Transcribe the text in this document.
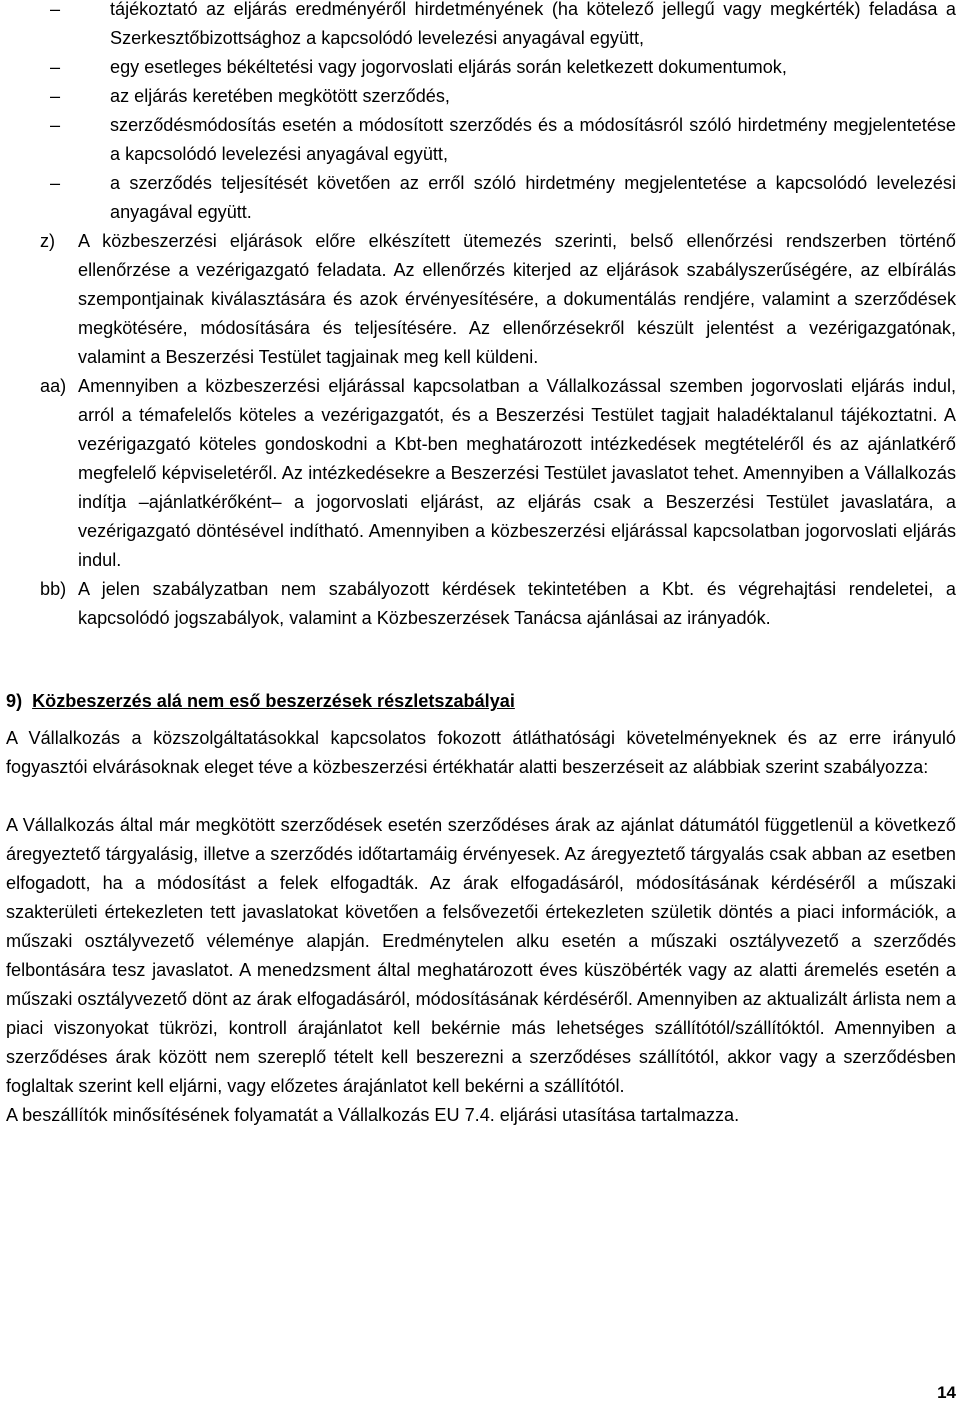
–	tájékoztató az eljárás eredményéről hirdetményének (ha kötelező jellegű vagy megkérték) feladása a Szerkesztőbizottsághoz a kapcsolódó levelezési anyagával együtt,
–	egy esetleges békéltetési vagy jogorvoslati eljárás során keletkezett dokumentumok,
–	az eljárás keretében megkötött szerződés,
–	szerződésmódosítás esetén a módosított szerződés és a módosításról szóló hirdetmény megjelentetése a kapcsolódó levelezési anyagával együtt,
–	a szerződés teljesítését követően az erről szóló hirdetmény megjelentetése a kapcsolódó levelezési anyagával együtt.
z) A közbeszerzési eljárások előre elkészített ütemezés szerinti, belső ellenőrzési rendszerben történő ellenőrzése a vezérigazgató feladata. Az ellenőrzés kiterjed az eljárások szabályszerűségére, az elbírálás szempontjainak kiválasztására és azok érvényesítésére, a dokumentálás rendjére, valamint a szerződések megkötésére, módosítására és teljesítésére. Az ellenőrzésekről készült jelentést a vezérigazgatónak, valamint a Beszerzési Testület tagjainak meg kell küldeni.
aa) Amennyiben a közbeszerzési eljárással kapcsolatban a Vállalkozással szemben jogorvoslati eljárás indul, arról a témafelelős köteles a vezérigazgatót, és a Beszerzési Testület tagjait haladéktalanul tájékoztatni. A vezérigazgató köteles gondoskodni a Kbt-ben meghatározott intézkedések megtételéről és az ajánlatkérő megfelelő képviseletéről. Az intézkedésekre a Beszerzési Testület javaslatot tehet. Amennyiben a Vállalkozás indítja –ajánlatkérőként– a jogorvoslati eljárást, az eljárás csak a Beszerzési Testület javaslatára, a vezérigazgató döntésével indítható. Amennyiben a közbeszerzési eljárással kapcsolatban jogorvoslati eljárás indul.
bb) A jelen szabályzatban nem szabályozott kérdések tekintetében a Kbt. és végrehajtási rendeletei, a kapcsolódó jogszabályok, valamint a Közbeszerzések Tanácsa ajánlásai az irányadók.
9) Közbeszerzés alá nem eső beszerzések részletszabályai

A Vállalkozás a közszolgáltatásokkal kapcsolatos fokozott átláthatósági követelményeknek és az erre irányuló fogyasztói elvárásoknak eleget téve a közbeszerzési értékhatár alatti beszerzéseit az alábbiak szerint szabályozza:

A Vállalkozás által már megkötött szerződések esetén szerződéses árak az ajánlat dátumától függetlenül a következő áregyeztető tárgyalásig, illetve a szerződés időtartamáig érvényesek. Az áregyeztető tárgyalás csak abban az esetben elfogadott, ha a módosítást a felek elfogadták. Az árak elfogadásáról, módosításának kérdéséről a műszaki szakterületi értekezleten tett javaslatokat követően a felsővezetői értekezleten születik döntés a piaci információk, a műszaki osztályvezető véleménye alapján. Eredménytelen alku esetén a műszaki osztályvezető a szerződés felbontására tesz javaslatot. A menedzsment által meghatározott éves küszöbérték vagy az alatti áremelés esetén a műszaki osztályvezető dönt az árak elfogadásáról, módosításának kérdéséről. Amennyiben az aktualizált árlista nem a piaci viszonyokat tükrözi, kontroll árajánlatot kell bekérnie más lehetséges szállítótól/szállítóktól. Amennyiben a szerződéses árak között nem szereplő tételt kell beszerezni a szerződéses szállítótól, akkor vagy a szerződésben foglaltak szerint kell eljárni, vagy előzetes árajánlatot kell bekérni a szállítótól.

A beszállítók minősítésének folyamatát a Vállalkozás EU 7.4. eljárási utasítása tartalmazza.

14
